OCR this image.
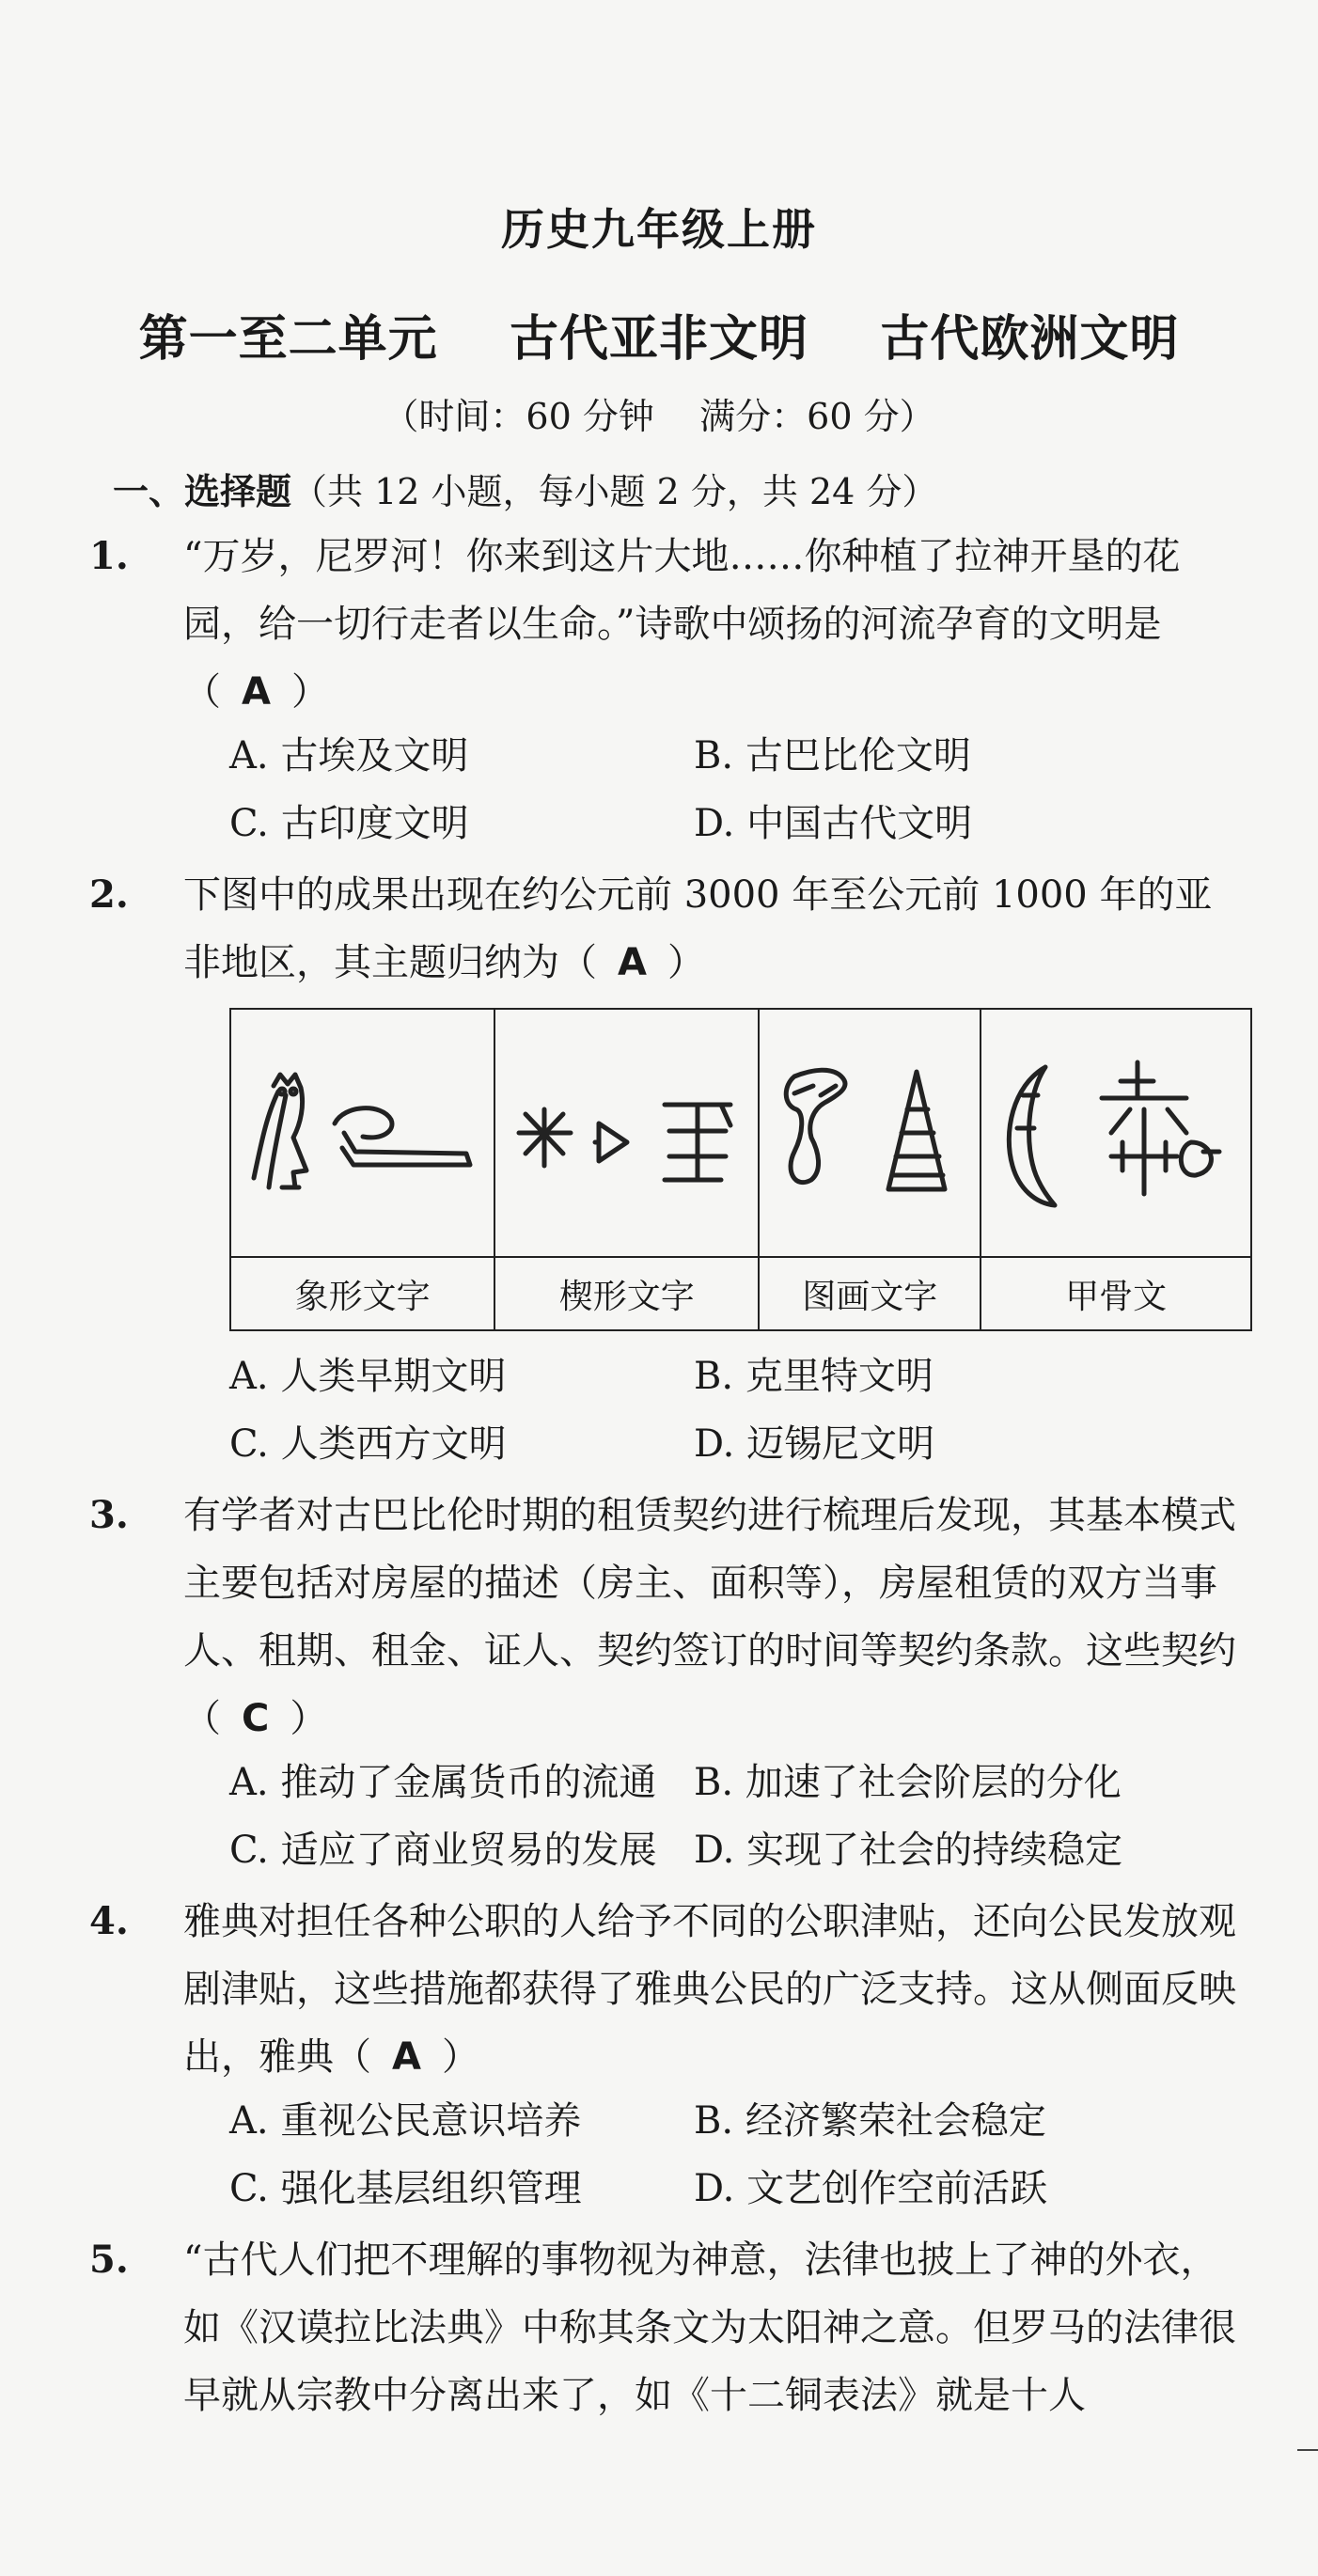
历史九年级上册
第一至二单元    古代亚非文明    古代欧洲文明
（时间：60 分钟    满分：60 分）
一、选择题（共 12 小题，每小题 2 分，共 24 分）
1. “万岁，尼罗河！你来到这片大地……你种植了拉神开垦的花园，给一切行走者以生命。”诗歌中颂扬的河流孕育的文明是（ A ）
A. 古埃及文明	B. 古巴比伦文明
C. 古印度文明	D. 中国古代文明
2. 下图中的成果出现在约公元前 3000 年至公元前 1000 年的亚非地区，其主题归纳为（ A ）

象形文字	楔形文字	图画文字	甲骨文
A. 人类早期文明	B. 克里特文明
C. 人类西方文明	D. 迈锡尼文明
3. 有学者对古巴比伦时期的租赁契约进行梳理后发现，其基本模式主要包括对房屋的描述（房主、面积等），房屋租赁的双方当事人、租期、租金、证人、契约签订的时间等契约条款。这些契约（ C ）
A. 推动了金属货币的流通 B. 加速了社会阶层的分化
C. 适应了商业贸易的发展 D. 实现了社会的持续稳定
4. 雅典对担任各种公职的人给予不同的公职津贴，还向公民发放观剧津贴，这些措施都获得了雅典公民的广泛支持。这从侧面反映出，雅典（ A ）
A. 重视公民意识培养	B. 经济繁荣社会稳定
C. 强化基层组织管理	D. 文艺创作空前活跃
5. “古代人们把不理解的事物视为神意，法律也披上了神的外衣，如《汉谟拉比法典》中称其条文为太阳神之意。但罗马的法律很早就从宗教中分离出来了，如《十二铜表法》就是十人
